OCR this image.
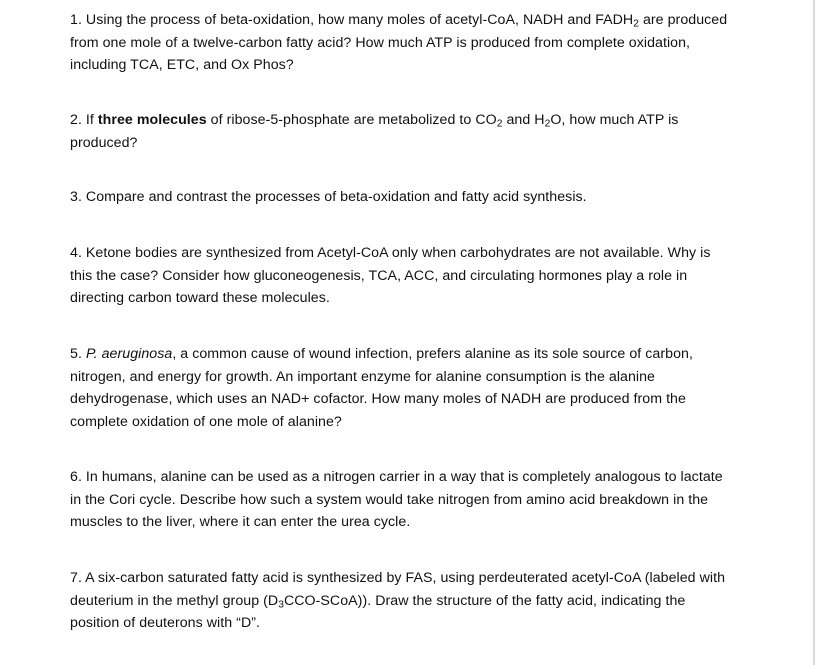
1. Using the process of beta-oxidation, how many moles of acetyl-CoA, NADH and $FADH_2$ are produced
from one mole of a twelve-carbon fatty acid? How much ATP is produced from complete oxidation,
including TCA, ETC, and Ox Phos?
2. If three molecules of ribose-5-phosphate are metabolized to $CO_2$ and $H_2O$, how much ATP is
produced?
3. Compare and contrast the processes of beta-oxidation and fatty acid synthesis.
4. Ketone bodies are synthesized from Acetyl-CoA only when carbohydrates are not available. Why is
this the case? Consider how gluconeogenesis, TCA, ACC, and circulating hormones play a role in
directing carbon toward these molecules.
5. P. aeruginosa, a common cause of wound infection, prefers alanine as its sole source of carbon,
nitrogen, and energy for growth. An important enzyme for alanine consumption is the alanine
dehydrogenase, which uses an NAD+ cofactor. How many moles of NADH are produced from the
complete oxidation of one mole of alanine?
6. In humans, alanine can be used as a nitrogen carrier in a way that is completely analogous to lactate
in the Cori cycle. Describe how such a system would take nitrogen from amino acid breakdown in the
muscles to the liver, where it can enter the urea cycle.
7. A six-carbon saturated fatty acid is synthesized by FAS, using perdeuterated acetyl-CoA (labeled with
deuterium in the methyl group $(D_3CCO-SCoA)$). Draw the structure of the fatty acid, indicating the
position of deuterons with “D”.
